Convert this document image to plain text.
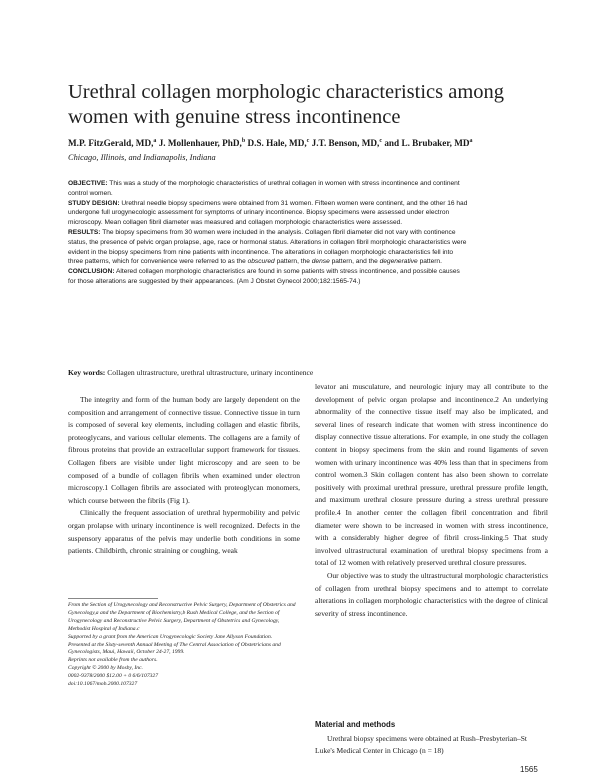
Urethral collagen morphologic characteristics among women with genuine stress incontinence
M.P. FitzGerald, MD,$^a$ J. Mollenhauer, PhD,$^b$ D.S. Hale, MD,$^c$ J.T. Benson, MD,$^c$ and L. Brubaker, $MD^a$
Chicago, Illinois, and Indianapolis, Indiana

OBJECTIVE: This was a study of the morphologic characteristics of urethral collagen in women with stress incontinence and continent control women.

STUDY DESIGN: Urethral needle biopsy specimens were obtained from 31 women. Fifteen women were continent, and the other 16 had undergone full urogynecologic assessment for symptoms of urinary incontinence. Biopsy specimens were assessed under electron microscopy. Mean collagen fibril diameter was measured and collagen morphologic characteristics were assessed.

RESULTS: The biopsy specimens from 30 women were included in the analysis. Collagen fibril diameter did not vary with continence status, the presence of pelvic organ prolapse, age, race or hormonal status. Alterations in collagen fibril morphologic characteristics were evident in the biopsy specimens from nine patients with incontinence. The alterations in collagen morphologic characteristics fell into three patterns, which for convenience were referred to as the obscured pattern, the dense pattern, and the degenerative pattern.

CONCLUSION: Altered collagen morphologic characteristics are found in some patients with stress incontinence, and possible causes for those alterations are suggested by their appearances. (Am J Obstet Gynecol 2000;182:1565-74.)

Key words: Collagen ultrastructure, urethral ultrastructure, urinary incontinence

The integrity and form of the human body are largely dependent on the composition and arrangement of connective tissue. Connective tissue in turn is composed of several key elements, including collagen and elastic fibrils, proteoglycans, and various cellular elements. The collagens are a family of fibrous proteins that provide an extracellular support framework for tissues. Collagen fibers are visible under light microscopy and are seen to be composed of a bundle of collagen fibrils when examined under electron microscopy.1 Collagen fibrils are associated with proteoglycan monomers, which course between the fibrils (Fig 1).

Clinically the frequent association of urethral hypermobility and pelvic organ prolapse with urinary incontinence is well recognized. Defects in the suspensory apparatus of the pelvis may underlie both conditions in some patients. Childbirth, chronic straining or coughing, weak

From the Section of Urogynecology and Reconstructive Pelvic Surgery, Department of Obstetrics and Gynecology,a and the Department of Biochemistry,b Rush Medical College, and the Section of Urogynecology and Reconstructive Pelvic Surgery, Department of Obstetrics and Gynecology, Methodist Hospital of Indiana.c

Supported by a grant from the American Urogynecologic Society Jane Allyson Foundation.

Presented at the Sixty-seventh Annual Meeting of The Central Association of Obstetricians and Gynecologists, Maui, Hawaii, October 24-27, 1999.

Reprints not available from the authors.

Copyright © 2000 by Mosby, Inc.

0002-9378/2000 $12.00 + 0 6/6/107327

doi:10.1067/mob.2000.107327

levator ani musculature, and neurologic injury may all contribute to the development of pelvic organ prolapse and incontinence.2 An underlying abnormality of the connective tissue itself may also be implicated, and several lines of research indicate that women with stress incontinence do display connective tissue alterations. For example, in one study the collagen content in biopsy specimens from the skin and round ligaments of seven women with urinary incontinence was 40% less than that in specimens from control women.3 Skin collagen content has also been shown to correlate positively with proximal urethral pressure, urethral pressure profile length, and maximum urethral closure pressure during a stress urethral pressure profile.4 In another center the collagen fibril concentration and fibril diameter were shown to be increased in women with stress incontinence, with a considerably higher degree of fibril cross-linking.5 That study involved ultrastructural examination of urethral biopsy specimens from a total of 12 women with relatively preserved urethral closure pressures.

Our objective was to study the ultrastructural morphologic characteristics of collagen from urethral biopsy specimens and to attempt to correlate alterations in collagen morphologic characteristics with the degree of clinical severity of stress incontinence.

Material and methods

Urethral biopsy specimens were obtained at Rush–Presbyterian–St Luke's Medical Center in Chicago (n = 18)

1565
